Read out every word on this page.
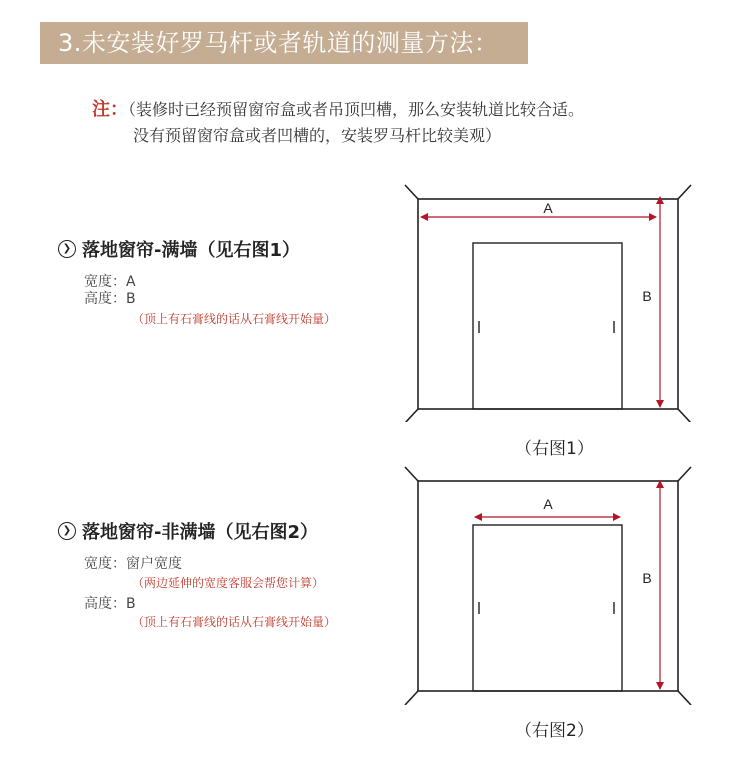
3.未安装好罗马杆或者轨道的测量方法：
注：（装修时已经预留窗帘盒或者吊顶凹槽，那么安装轨道比较合适。
没有预留窗帘盒或者凹槽的，安装罗马杆比较美观）
❯ 落地窗帘-满墙（见右图1）
宽度：A
高度：B
（顶上有石膏线的话从石膏线开始量）
❯ 落地窗帘-非满墙（见右图2）
宽度：窗户宽度
（两边延伸的宽度客服会帮您计算）
高度：B
（顶上有石膏线的话从石膏线开始量）
A
B
（右图1）
A
B
（右图2）
